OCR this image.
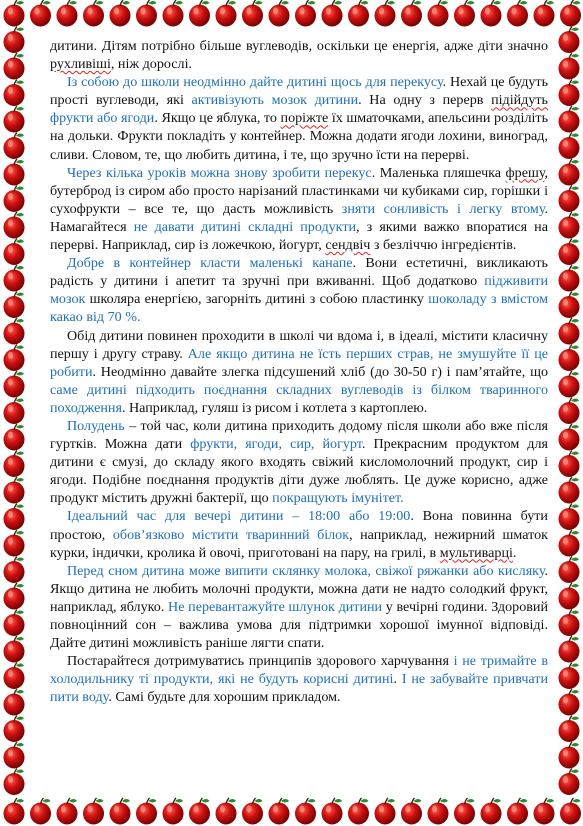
дитини. Дітям потрібно більше вуглеводів, оскільки це енергія, адже діти значно рухливіші, ніж дорослі.

Із собою до школи неодмінно дайте дитині щось для перекусу. Нехай це будуть прості вуглеводи, які активізують мозок дитини. На одну з перерв підійдуть фрукти або ягоди. Якщо це яблука, то поріжте їх шматочками, апельсини розділіть на дольки. Фрукти покладіть у контейнер. Можна додати ягоди лохини, виноград, сливи. Словом, те, що любить дитина, і те, що зручно їсти на перерві.

Через кілька уроків можна знову зробити перекус. Маленька пляшечка фрешу, бутерброд із сиром або просто нарізаний пластинками чи кубиками сир, горішки і сухофрукти – все те, що дасть можливість зняти сонливість і легку втому. Намагайтеся не давати дитині складні продукти, з якими важко впоратися на перерві. Наприклад, сир із ложечкою, йогурт, сендвіч з безліччю інгредієнтів.

Добре в контейнер класти маленькі канапе. Вони естетичні, викликають радість у дитини і апетит та зручні при вживанні. Щоб додатково підживити мозок школяра енергією, загорніть дитині з собою пластинку шоколаду з вмістом какао від 70 %.

Обід дитини повинен проходити в школі чи вдома і, в ідеалі, містити класичну першу і другу страву. Але якщо дитина не їсть перших страв, не змушуйте її це робити. Неодмінно давайте злегка підсушений хліб (до 30-50 г) і пам’ятайте, що саме дитині підходить поєднання складних вуглеводів із білком тваринного походження. Наприклад, гуляш із рисом і котлета з картоплею.

Полудень – той час, коли дитина приходить додому після школи або вже після гуртків. Можна дати фрукти, ягоди, сир, йогурт. Прекрасним продуктом для дитини є смузі, до складу якого входять свіжий кисломолочний продукт, сир і ягоди. Подібне поєднання продуктів діти дуже люблять. Це дуже корисно, адже продукт містить дружні бактерії, що покращують імунітет.

Ідеальний час для вечері дитини – 18:00 або 19:00. Вона повинна бути простою, обов’язково містити тваринний білок, наприклад, нежирний шматок курки, індички, кролика й овочі, приготовані на пару, на грилі, в мультиварці.

Перед сном дитина може випити склянку молока, свіжої ряжанки або кисляку. Якщо дитина не любить молочні продукти, можна дати не надто солодкий фрукт, наприклад, яблуко. Не перевантажуйте шлунок дитини у вечірні години. Здоровий повноцінний сон – важлива умова для підтримки хорошої імунної відповіді. Дайте дитині можливість раніше лягти спати.

Постарайтеся дотримуватись принципів здорового харчування і не тримайте в холодильнику ті продукти, які не будуть корисні дитині. І не забувайте привчати пити воду. Самі будьте для хорошим прикладом.
